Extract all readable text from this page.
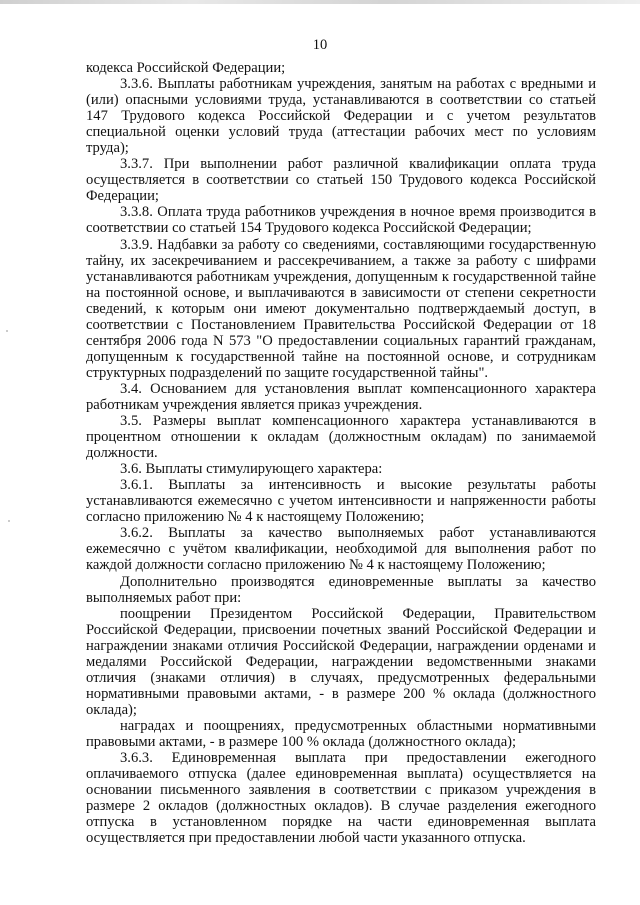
10

кодекса Российской Федерации;

3.3.6. Выплаты работникам учреждения, занятым на работах с вредными и (или) опасными условиями труда, устанавливаются в соответствии со статьей 147 Трудового кодекса Российской Федерации и с учетом результатов специальной оценки условий труда (аттестации рабочих мест по условиям труда);

3.3.7. При выполнении работ различной квалификации оплата труда осуществляется в соответствии со статьей 150 Трудового кодекса Российской Федерации;

3.3.8. Оплата труда работников учреждения в ночное время производится в соответствии со статьей 154 Трудового кодекса Российской Федерации;

3.3.9. Надбавки за работу со сведениями, составляющими государственную тайну, их засекречиванием и рассекречиванием, а также за работу с шифрами устанавливаются работникам учреждения, допущенным к государственной тайне на постоянной основе, и выплачиваются в зависимости от степени секретности сведений, к которым они имеют документально подтверждаемый доступ, в соответствии с Постановлением Правительства Российской Федерации от 18 сентября 2006 года N 573 "О предоставлении социальных гарантий гражданам, допущенным к государственной тайне на постоянной основе, и сотрудникам структурных подразделений по защите государственной тайны".

3.4. Основанием для установления выплат компенсационного характера работникам учреждения является приказ учреждения.

3.5. Размеры выплат компенсационного характера устанавливаются в процентном отношении к окладам (должностным окладам) по занимаемой должности.

3.6. Выплаты стимулирующего характера:

3.6.1. Выплаты за интенсивность и высокие результаты работы устанавливаются ежемесячно с учетом интенсивности и напряженности работы согласно приложению № 4 к настоящему Положению;

3.6.2. Выплаты за качество выполняемых работ устанавливаются ежемесячно с учётом квалификации, необходимой для выполнения работ по каждой должности согласно приложению № 4 к настоящему Положению;

Дополнительно производятся единовременные выплаты за качество выполняемых работ при:

поощрении Президентом Российской Федерации, Правительством Российской Федерации, присвоении почетных званий Российской Федерации и награждении знаками отличия Российской Федерации, награждении орденами и медалями Российской Федерации, награждении ведомственными знаками отличия (знаками отличия) в случаях, предусмотренных федеральными нормативными правовыми актами, - в размере 200 % оклада (должностного оклада);

наградах и поощрениях, предусмотренных областными нормативными правовыми актами, - в размере 100 % оклада (должностного оклада);

3.6.3. Единовременная выплата при предоставлении ежегодного оплачиваемого отпуска (далее единовременная выплата) осуществляется на основании письменного заявления в соответствии с приказом учреждения в размере 2 окладов (должностных окладов). В случае разделения ежегодного отпуска в установленном порядке на части единовременная выплата осуществляется при предоставлении любой части указанного отпуска.
